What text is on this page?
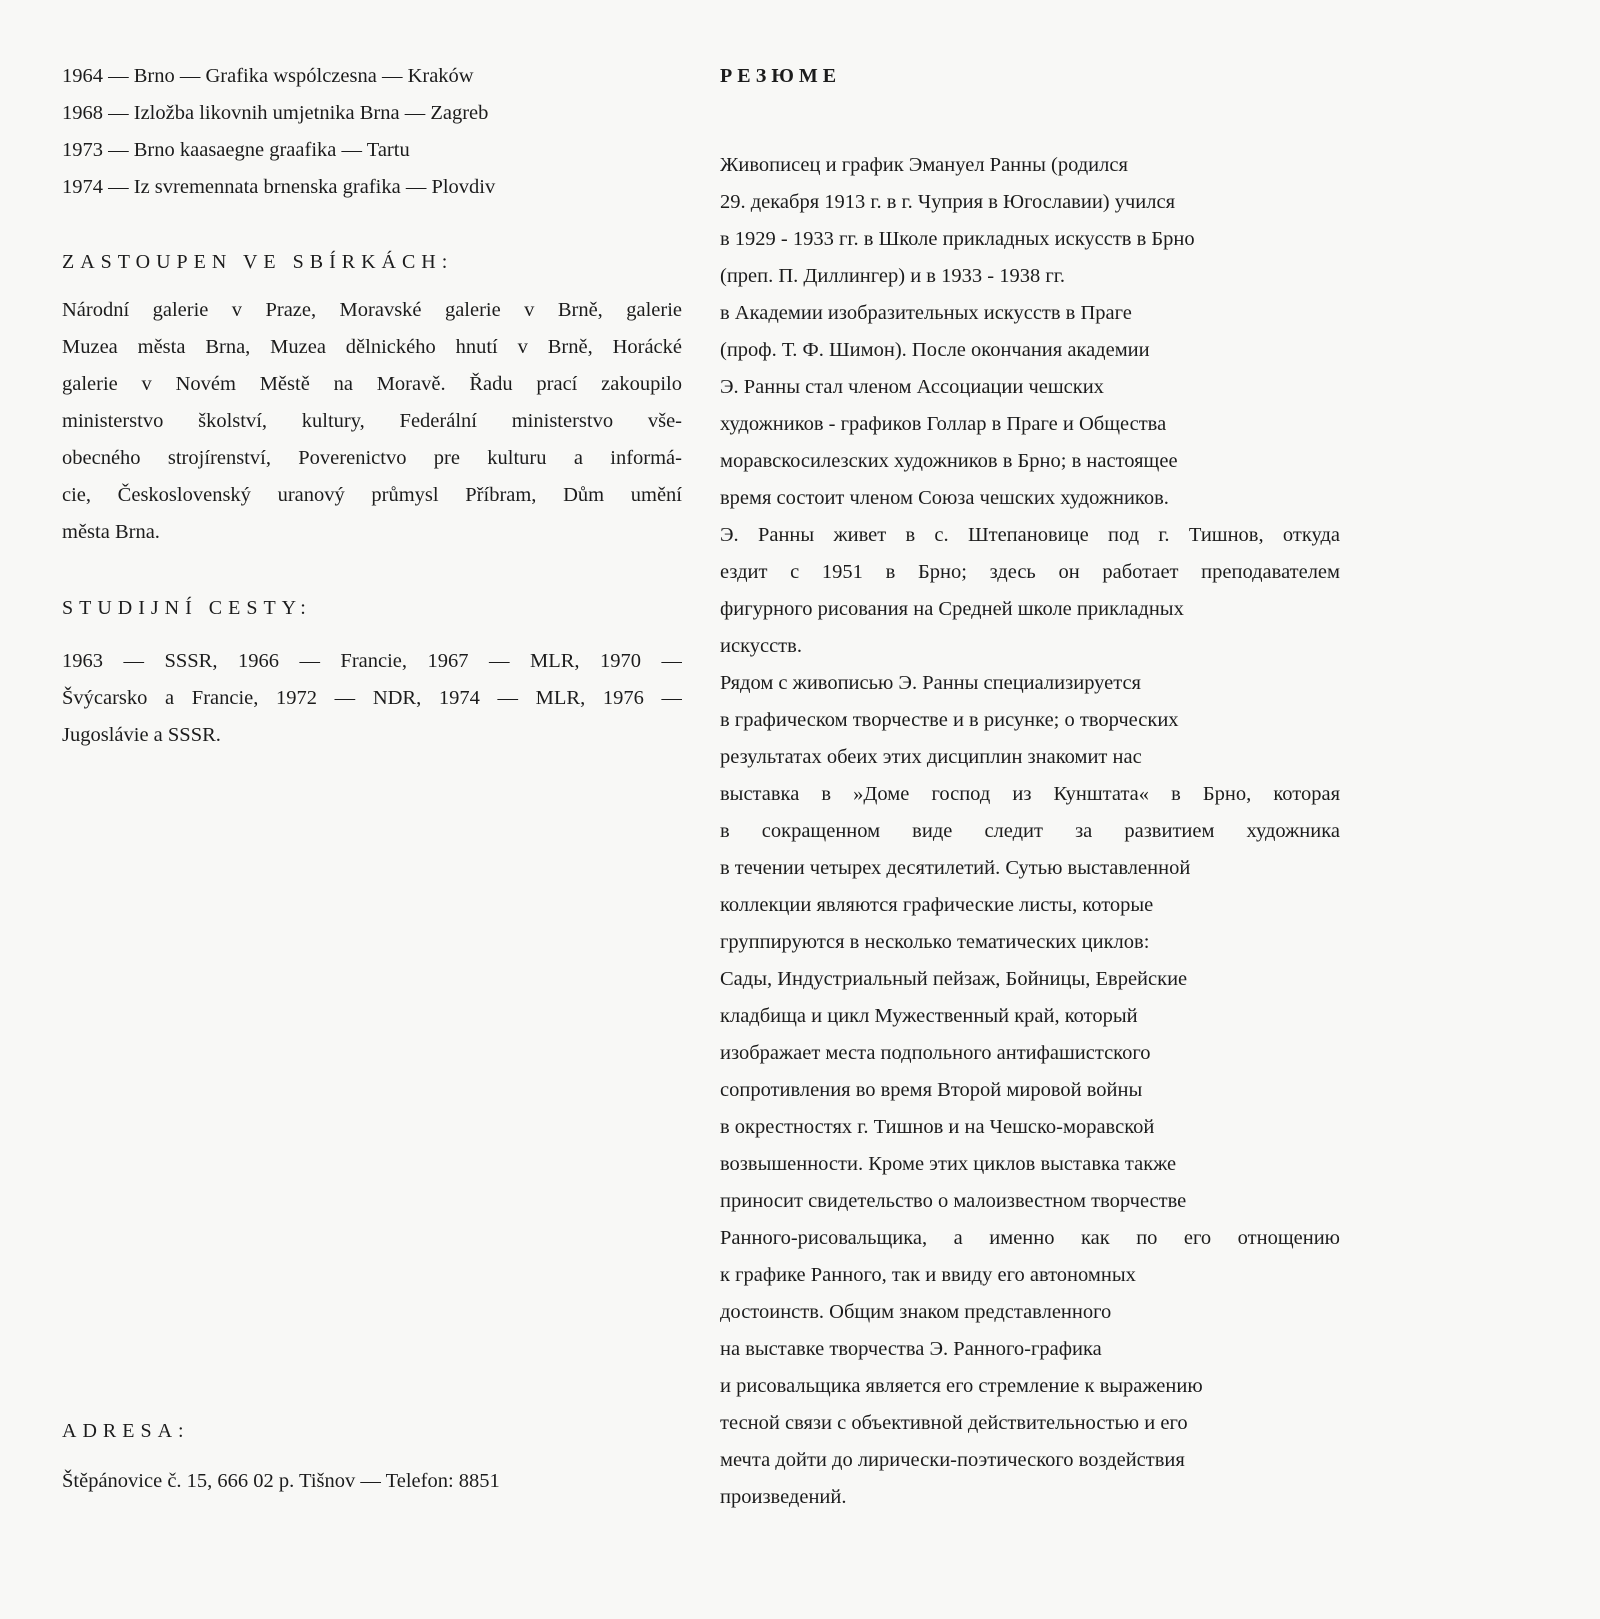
1964 — Brno — Grafika wspólczesna — Kraków
1968 — Izložba likovnih umjetnika Brna — Zagreb
1973 — Brno kaasaegne graafika — Tartu
1974 — Iz svremennata brnenska grafika — Plovdiv
ZASTOUPEN VE SBÍRKÁCH:
Národní galerie v Praze, Moravské galerie v Brně, galerie
Muzea města Brna, Muzea dělnického hnutí v Brně, Horácké
galerie v Novém Městě na Moravě. Řadu prací zakoupilo
ministerstvo školství, kultury, Federální ministerstvo vše-
obecného strojírenství, Poverenictvo pre kulturu a informá-
cie, Československý uranový průmysl Příbram, Dům umění
města Brna.
STUDIJNÍ CESTY:
1963 — SSSR, 1966 — Francie, 1967 — MLR, 1970 —
Švýcarsko a Francie, 1972 — NDR, 1974 — MLR, 1976 —
Jugoslávie a SSSR.
ADRESA:
Štěpánovice č. 15, 666 02 p. Tišnov — Telefon: 8851
РЕЗЮМЕ
Живописец и график Эмануел Ранны (родился
29. декабря 1913 г. в г. Чуприя в Югославии) учился
в 1929 - 1933 гг. в Школе прикладных искусств в Брно
(преп. П. Диллингер) и в 1933 - 1938 гг.
в Академии изобразительных искусств в Праге
(проф. Т. Ф. Шимон). После окончания академии
Э. Ранны стал членом Ассоциации чешских
художников - графиков Голлар в Праге и Общества
моравскосилезских художников в Брно; в настоящее
время состоит членом Союза чешских художников.
Э. Ранны живет в с. Штепановице под г. Тишнов, откуда
ездит с 1951 в Брно; здесь он работает преподавателем
фигурного рисования на Средней школе прикладных
искусств.
Рядом с живописью Э. Ранны специализируется
в графическом творчестве и в рисунке; о творческих
результатах обеих этих дисциплин знакомит нас
выставка в »Доме господ из Кунштата« в Брно, которая
в сокращенном виде следит за развитием художника
в течении четырех десятилетий. Сутью выставленной
коллекции являются графические листы, которые
группируются в несколько тематических циклов:
Сады, Индустриальный пейзаж, Бойницы, Еврейские
кладбища и цикл Мужественный край, который
изображает места подпольного антифашистского
сопротивления во время Второй мировой войны
в окрестностях г. Тишнов и на Чешско-моравской
возвышенности. Кроме этих циклов выставка также
приносит свидетельство о малоизвестном творчестве
Ранного-рисовальщика, а именно как по его отнощению
к графике Ранного, так и ввиду его автономных
достоинств. Общим знаком представленного
на выставке творчества Э. Ранного-графика
и рисовальщика является его стремление к выражению
тесной связи с объективной действительностью и его
мечта дойти до лирически-поэтического воздействия
произведений.
